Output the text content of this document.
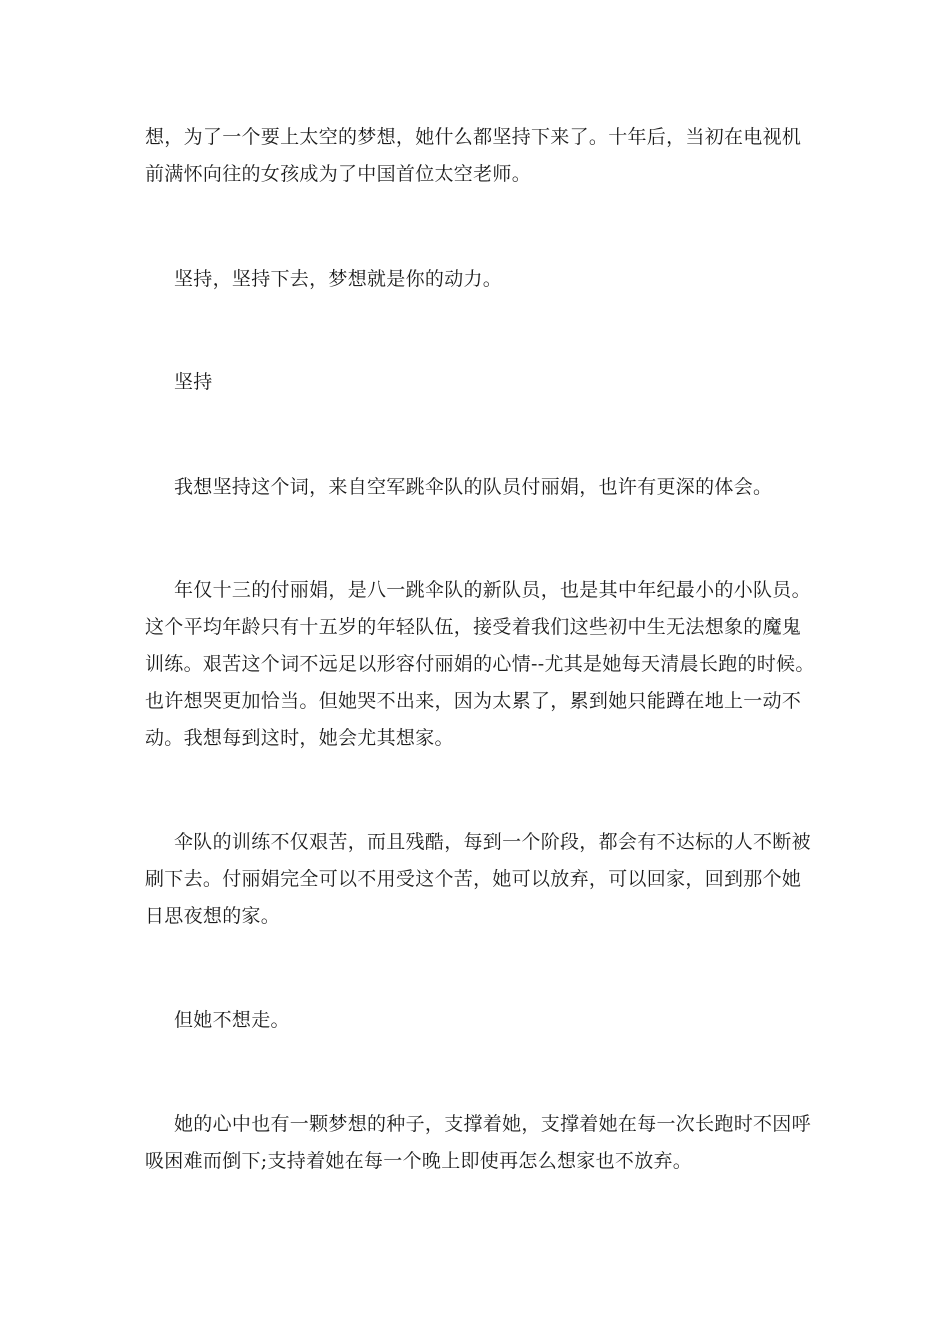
想，为了一个要上太空的梦想，她什么都坚持下来了。十年后，当初在电视机
前满怀向往的女孩成为了中国首位太空老师。
坚持，坚持下去，梦想就是你的动力。
坚持
我想坚持这个词，来自空军跳伞队的队员付丽娟，也许有更深的体会。
年仅十三的付丽娟，是八一跳伞队的新队员，也是其中年纪最小的小队员。
这个平均年龄只有十五岁的年轻队伍，接受着我们这些初中生无法想象的魔鬼
训练。艰苦这个词不远足以形容付丽娟的心情--尤其是她每天清晨长跑的时候。
也许想哭更加恰当。但她哭不出来，因为太累了，累到她只能蹲在地上一动不
动。我想每到这时，她会尤其想家。
伞队的训练不仅艰苦，而且残酷，每到一个阶段，都会有不达标的人不断被
刷下去。付丽娟完全可以不用受这个苦，她可以放弃，可以回家，回到那个她
日思夜想的家。
但她不想走。
她的心中也有一颗梦想的种子，支撑着她，支撑着她在每一次长跑时不因呼
吸困难而倒下;支持着她在每一个晚上即使再怎么想家也不放弃。
